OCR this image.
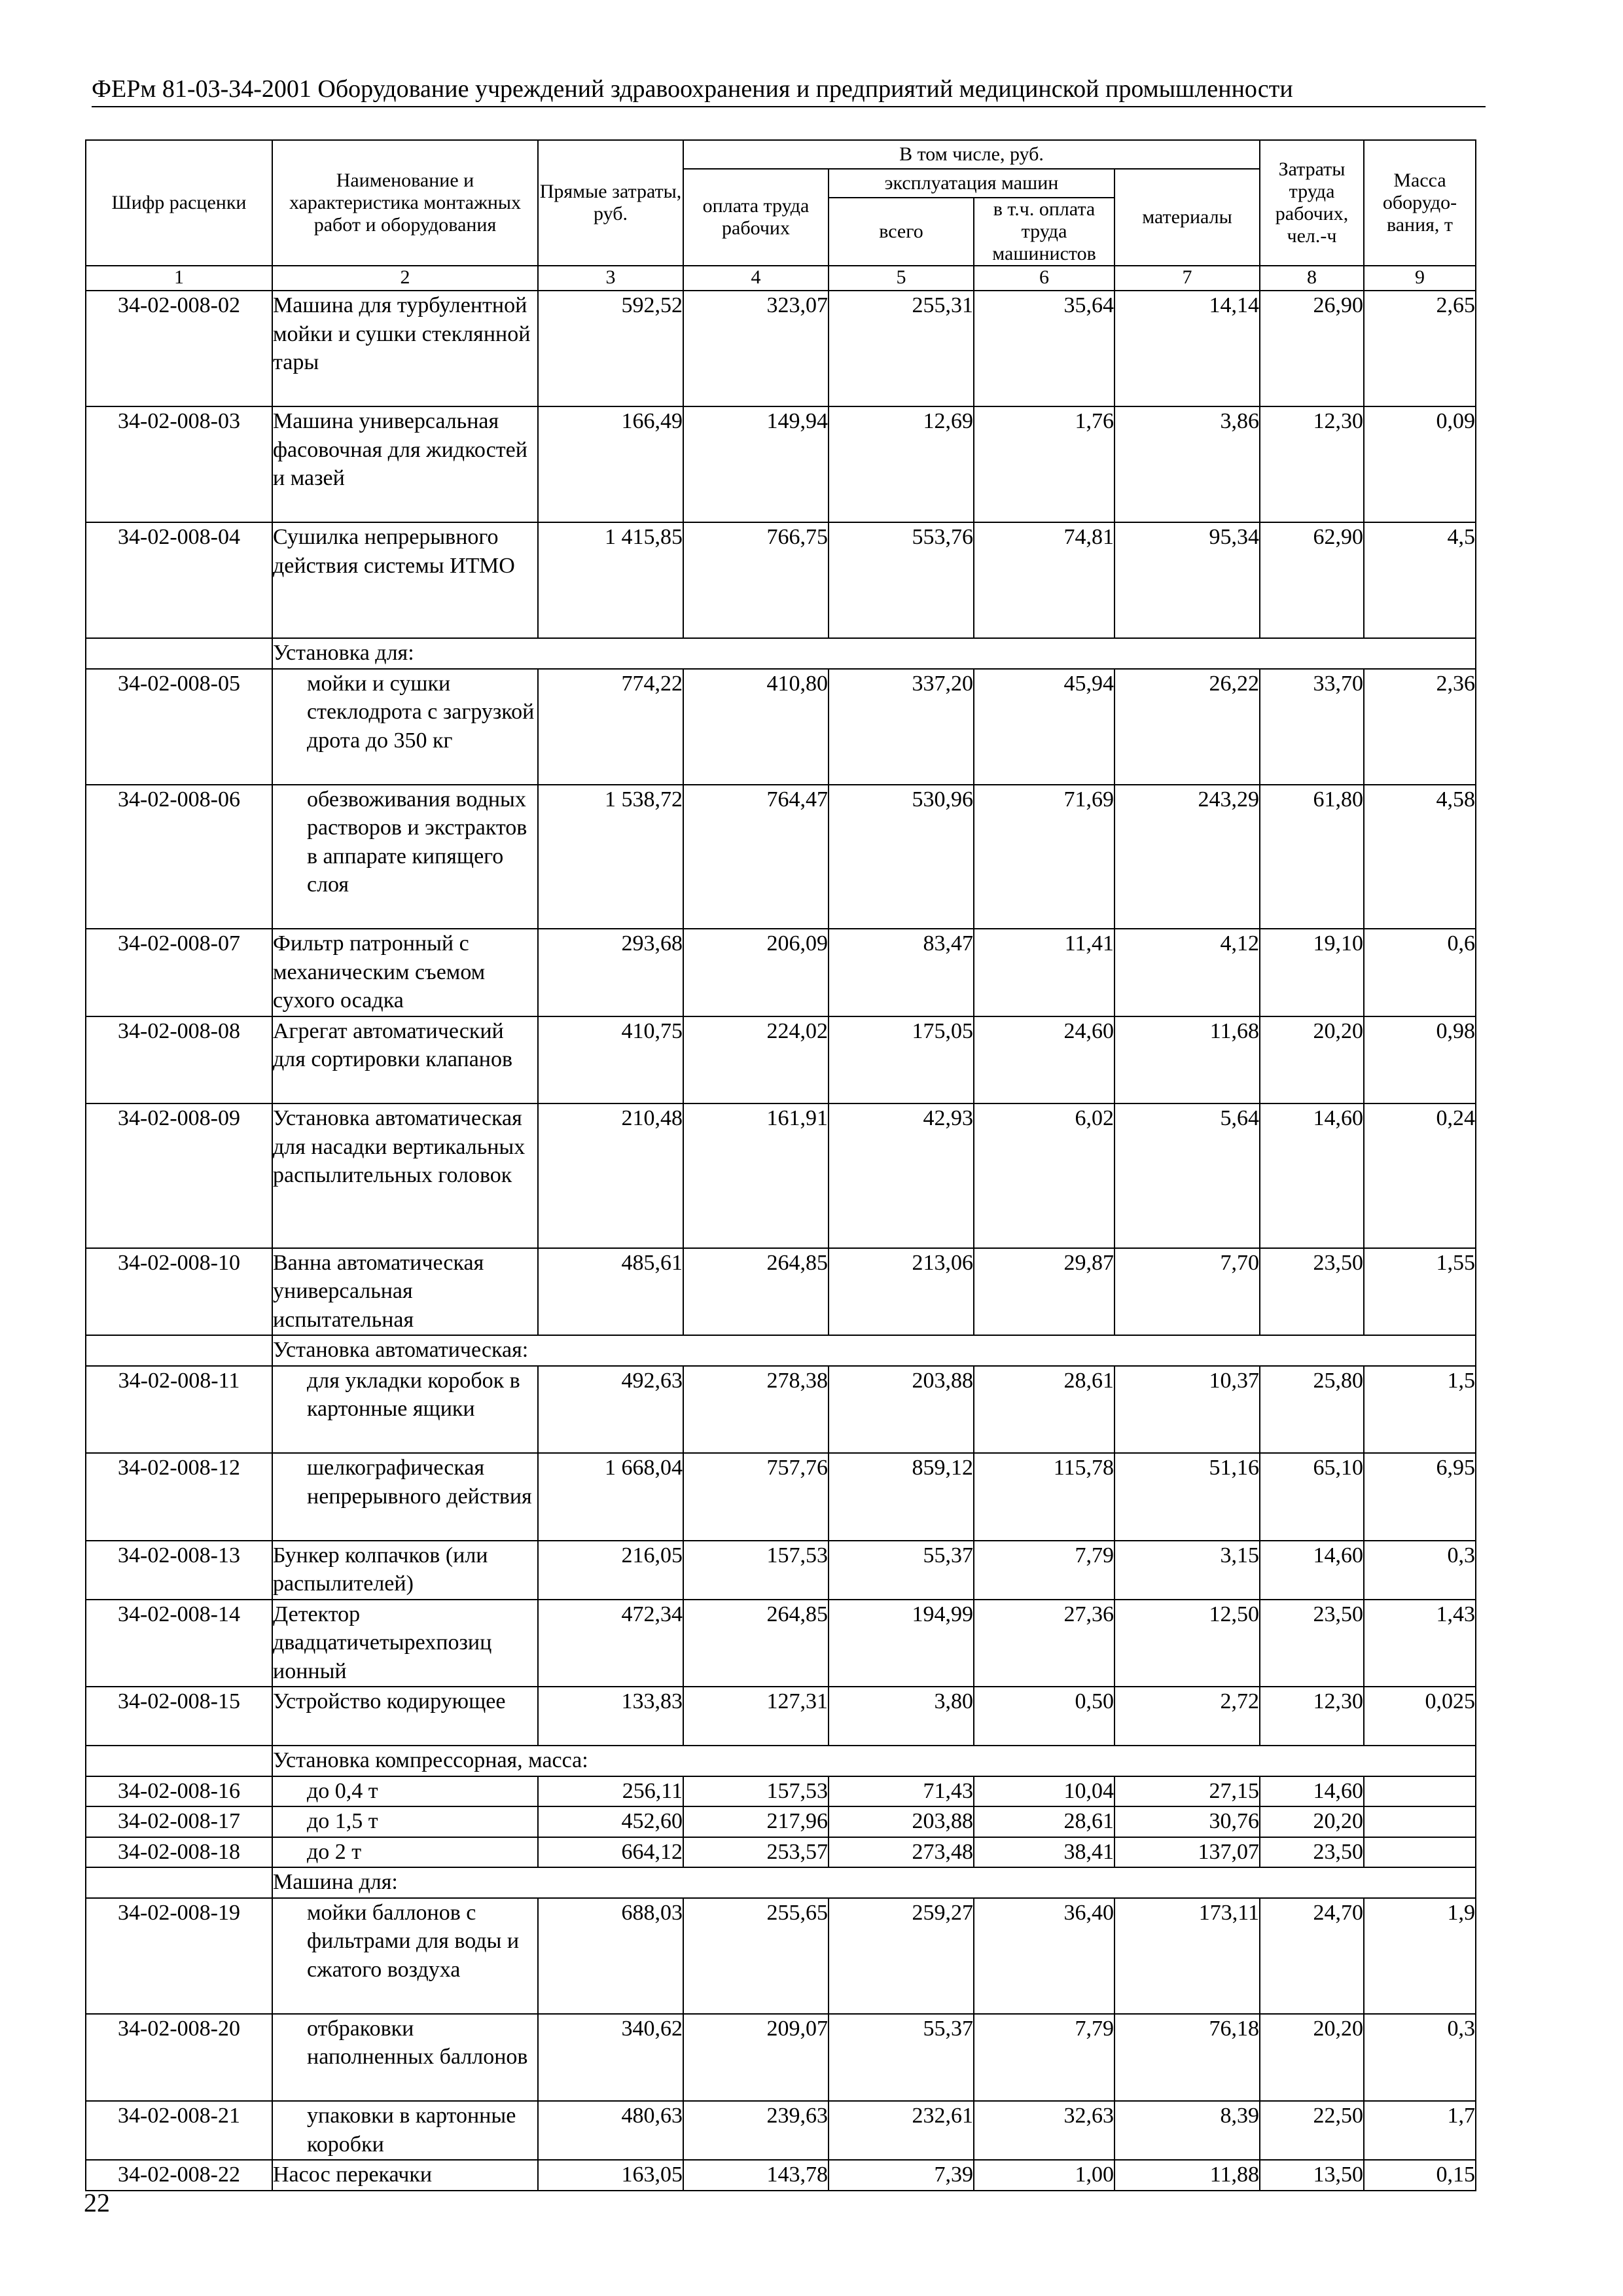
ФЕРм 81-03-34-2001 Оборудование учреждений здравоохранения и предприятий медицинской промышленности
Шифр расценки	Наименование и характеристика монтажных работ и оборудования	Прямые затраты, руб.	В том числе, руб.				Затраты труда рабочих, чел.-ч	Масса оборудо-вания, т
			оплата труда рабочих	эксплуатация машин		материалы		
				всего	в т.ч. оплата труда машинистов			
1	2	3	4	5	6	7	8	9
34-02-008-02	Машина для турбулентной мойки и сушки стеклянной тары	592,52	323,07	255,31	35,64	14,14	26,90	2,65
34-02-008-03	Машина универсальная фасовочная для жидкостей и мазей	166,49	149,94	12,69	1,76	3,86	12,30	0,09
34-02-008-04	Сушилка непрерывного действия системы ИТМО	1 415,85	766,75	553,76	74,81	95,34	62,90	4,5
	Установка для:							
34-02-008-05	мойки и сушки стеклодрота с загрузкой дрота до 350 кг	774,22	410,80	337,20	45,94	26,22	33,70	2,36
34-02-008-06	обезвоживания водных растворов и экстрактов в аппарате кипящего слоя	1 538,72	764,47	530,96	71,69	243,29	61,80	4,58
34-02-008-07	Фильтр патронный с механическим съемом сухого осадка	293,68	206,09	83,47	11,41	4,12	19,10	0,6
34-02-008-08	Агрегат автоматический для сортировки клапанов	410,75	224,02	175,05	24,60	11,68	20,20	0,98
34-02-008-09	Установка автоматическая для насадки вертикальных распылительных головок	210,48	161,91	42,93	6,02	5,64	14,60	0,24
34-02-008-10	Ванна автоматическая универсальная испытательная	485,61	264,85	213,06	29,87	7,70	23,50	1,55
	Установка автоматическая:							
34-02-008-11	для укладки коробок в картонные ящики	492,63	278,38	203,88	28,61	10,37	25,80	1,5
34-02-008-12	шелкографическая непрерывного действия	1 668,04	757,76	859,12	115,78	51,16	65,10	6,95
34-02-008-13	Бункер колпачков (или распылителей)	216,05	157,53	55,37	7,79	3,15	14,60	0,3
34-02-008-14	Детектор двадцатичетырехпозиц ионный	472,34	264,85	194,99	27,36	12,50	23,50	1,43
34-02-008-15	Устройство кодирующее	133,83	127,31	3,80	0,50	2,72	12,30	0,025
	Установка компрессорная, масса:							
34-02-008-16	до 0,4 т	256,11	157,53	71,43	10,04	27,15	14,60	
34-02-008-17	до 1,5 т	452,60	217,96	203,88	28,61	30,76	20,20	
34-02-008-18	до 2 т	664,12	253,57	273,48	38,41	137,07	23,50	
	Машина для:							
34-02-008-19	мойки баллонов с фильтрами для воды и сжатого воздуха	688,03	255,65	259,27	36,40	173,11	24,70	1,9
34-02-008-20	отбраковки наполненных баллонов	340,62	209,07	55,37	7,79	76,18	20,20	0,3
34-02-008-21	упаковки в картонные коробки	480,63	239,63	232,61	32,63	8,39	22,50	1,7
34-02-008-22	Насос перекачки	163,05	143,78	7,39	1,00	11,88	13,50	0,15
22
